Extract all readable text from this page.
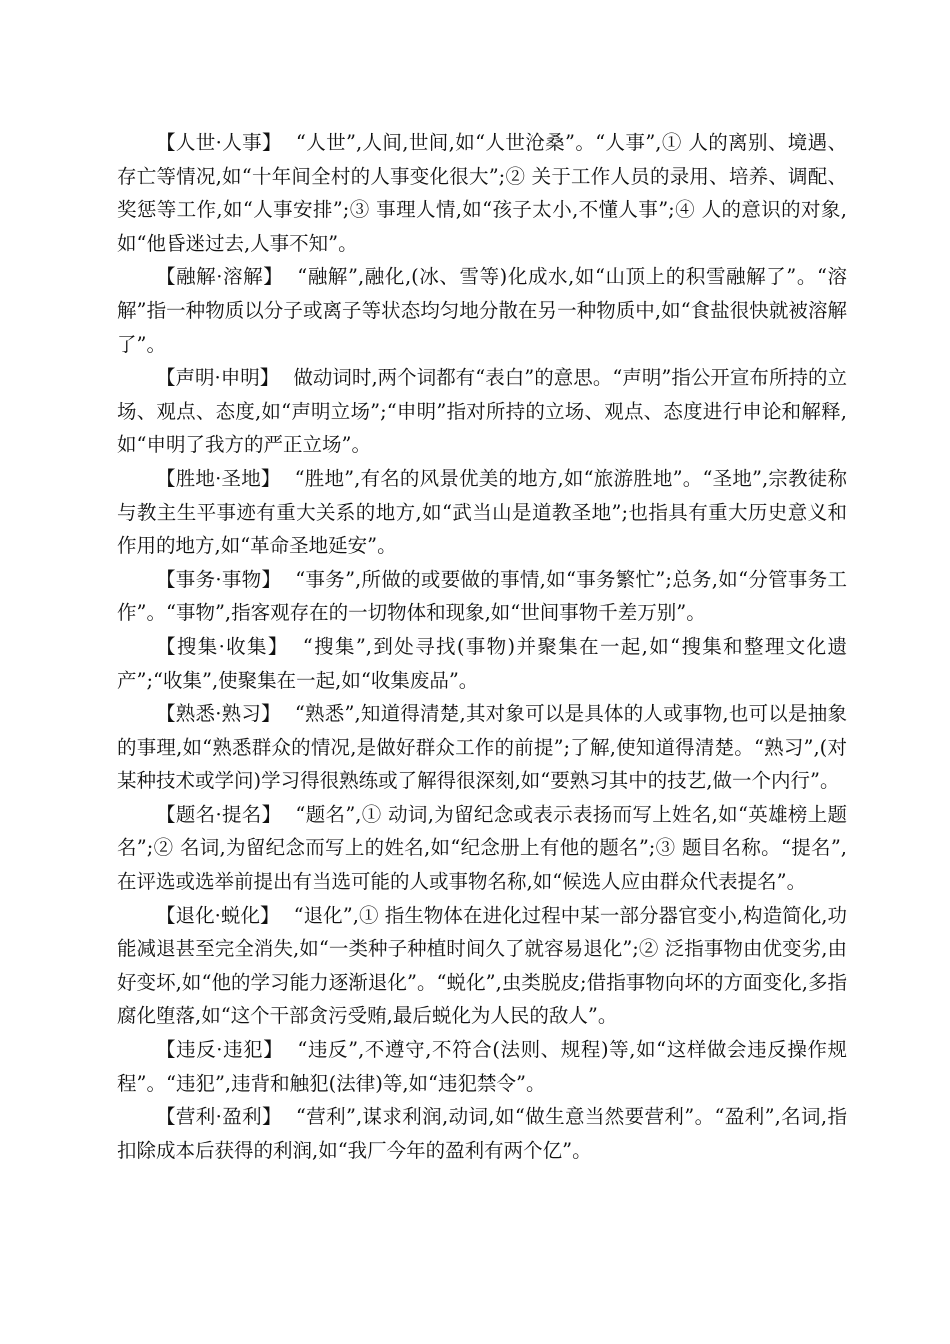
【人世·人事】 “人世”,人间,世间,如“人世沧桑”。“人事”,① 人的离别、境遇、存亡等情况,如“十年间全村的人事变化很大”;② 关于工作人员的录用、培养、调配、奖惩等工作,如“人事安排”;③ 事理人情,如“孩子太小,不懂人事”;④ 人的意识的对象,如“他昏迷过去,人事不知”。

【融解·溶解】 “融解”,融化,(冰、雪等)化成水,如“山顶上的积雪融解了”。“溶解”指一种物质以分子或离子等状态均匀地分散在另一种物质中,如“食盐很快就被溶解了”。

【声明·申明】 做动词时,两个词都有“表白”的意思。“声明”指公开宣布所持的立场、观点、态度,如“声明立场”;“申明”指对所持的立场、观点、态度进行申论和解释,如“申明了我方的严正立场”。

【胜地·圣地】 “胜地”,有名的风景优美的地方,如“旅游胜地”。“圣地”,宗教徒称与教主生平事迹有重大关系的地方,如“武当山是道教圣地”;也指具有重大历史意义和作用的地方,如“革命圣地延安”。

【事务·事物】 “事务”,所做的或要做的事情,如“事务繁忙”;总务,如“分管事务工作”。“事物”,指客观存在的一切物体和现象,如“世间事物千差万别”。

【搜集·收集】 “搜集”,到处寻找(事物)并聚集在一起,如“搜集和整理文化遗产”;“收集”,使聚集在一起,如“收集废品”。

【熟悉·熟习】 “熟悉”,知道得清楚,其对象可以是具体的人或事物,也可以是抽象的事理,如“熟悉群众的情况,是做好群众工作的前提”;了解,使知道得清楚。“熟习”,(对某种技术或学问)学习得很熟练或了解得很深刻,如“要熟习其中的技艺,做一个内行”。

【题名·提名】 “题名”,① 动词,为留纪念或表示表扬而写上姓名,如“英雄榜上题名”;② 名词,为留纪念而写上的姓名,如“纪念册上有他的题名”;③ 题目名称。“提名”,在评选或选举前提出有当选可能的人或事物名称,如“候选人应由群众代表提名”。

【退化·蜕化】 “退化”,① 指生物体在进化过程中某一部分器官变小,构造简化,功能减退甚至完全消失,如“一类种子种植时间久了就容易退化”;② 泛指事物由优变劣,由好变坏,如“他的学习能力逐渐退化”。“蜕化”,虫类脱皮;借指事物向坏的方面变化,多指腐化堕落,如“这个干部贪污受贿,最后蜕化为人民的敌人”。

【违反·违犯】 “违反”,不遵守,不符合(法则、规程)等,如“这样做会违反操作规程”。“违犯”,违背和触犯(法律)等,如“违犯禁令”。

【营利·盈利】 “营利”,谋求利润,动词,如“做生意当然要营利”。“盈利”,名词,指扣除成本后获得的利润,如“我厂今年的盈利有两个亿”。
